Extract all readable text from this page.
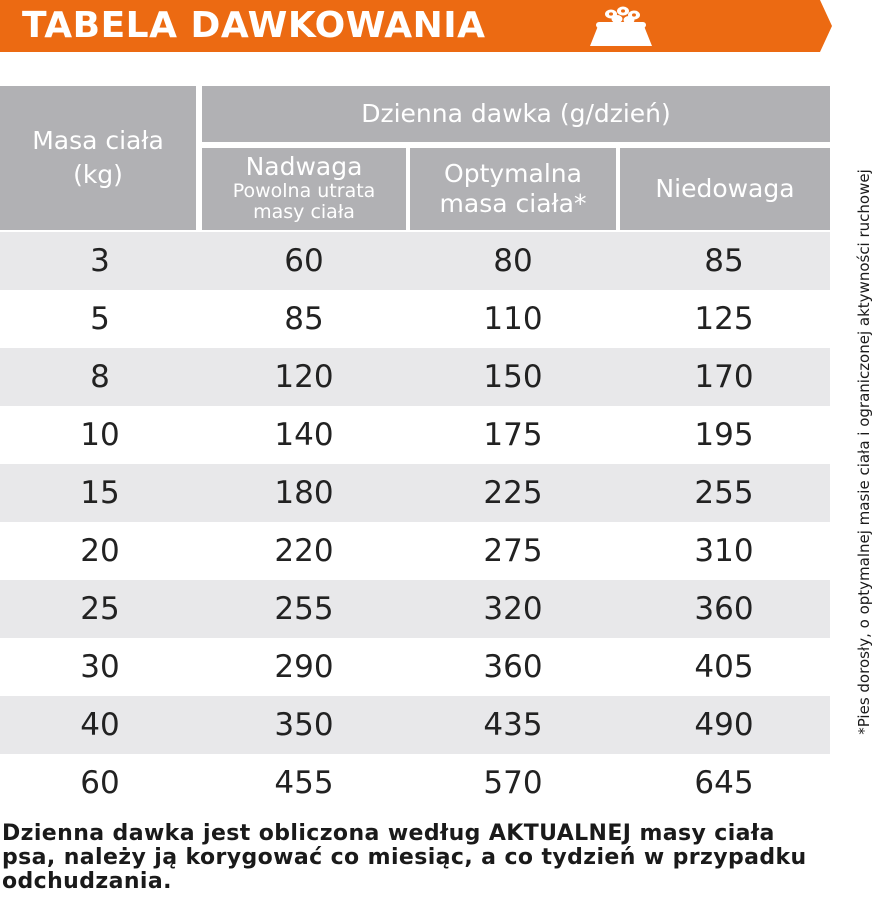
TABELA DAWKOWANIA
Masa ciała (kg)
Dzienna dawka (g/dzień)
Nadwaga
Powolna utrata masy ciała
Optymalna masa ciała*
Niedowaga
3	60	80	85
5	85	110	125
8	120	150	170
10	140	175	195
15	180	225	255
20	220	275	310
25	255	320	360
30	290	360	405
40	350	435	490
60	455	570	645
*Pies dorosły, o optymalnej masie ciała i ograniczonej aktywności ruchowej
Dzienna dawka jest obliczona według AKTUALNEJ masy ciała psa, należy ją korygować co miesiąc, a co tydzień w przypadku odchudzania.
